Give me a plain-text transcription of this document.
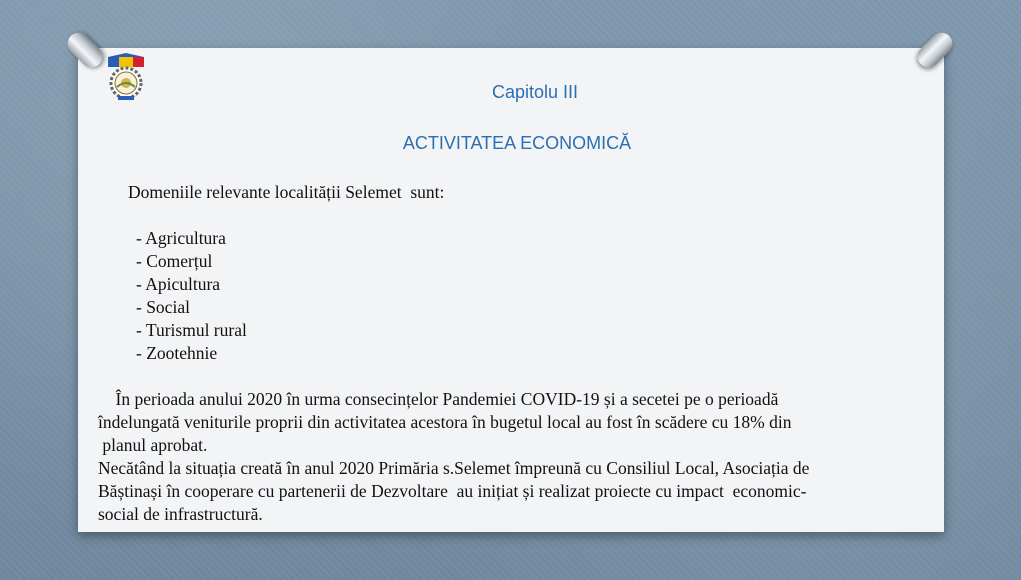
Capitolu III
ACTIVITATEA ECONOMICĂ
Domeniile relevante localității Selemet  sunt:
- Agricultura
- Comerțul
- Apicultura
- Social
- Turismul rural
- Zootehnie
În perioada anului 2020 în urma consecințelor Pandemiei COVID-19 și a secetei pe o perioadă
îndelungată veniturile proprii din activitatea acestora în bugetul local au fost în scădere cu 18% din
planul aprobat.
Necătând la situația creată în anul 2020 Primăria s.Selemet împreună cu Consiliul Local, Asociația de
Băștinași în cooperare cu partenerii de Dezvoltare  au inițiat și realizat proiecte cu impact  economic-
social de infrastructură.
